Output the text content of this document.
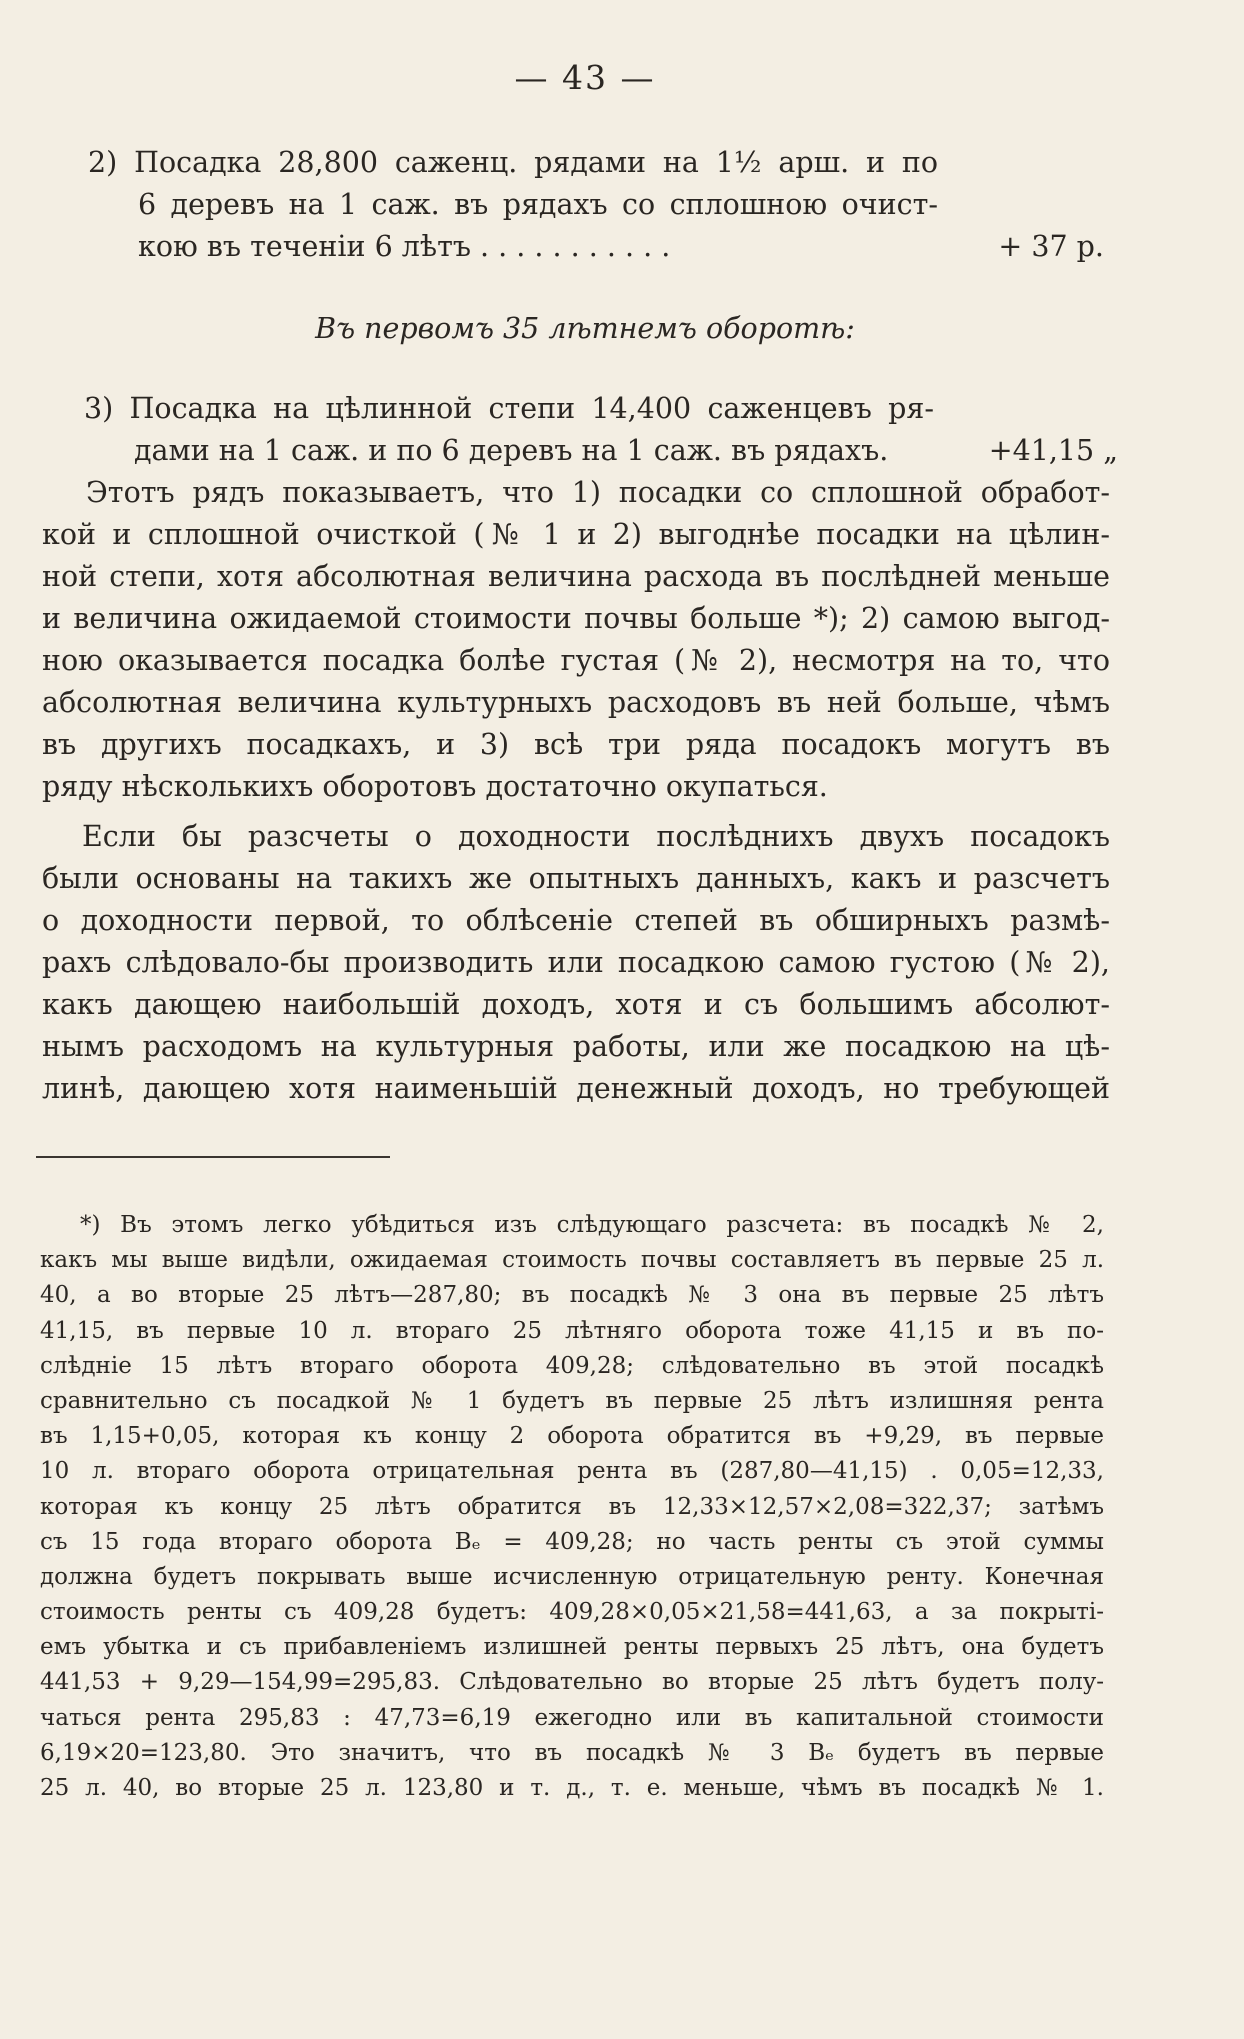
— 43 —
2) Посадка 28,800 саженц. рядами на 1½ арш. и по
6 деревъ на 1 саж. въ рядахъ со сплошною очист-
кою въ теченіи 6 лѣтъ . . . . . . . . . . .	+ 37 р.
Въ первомъ 35 лѣтнемъ оборотѣ:
3) Посадка на цѣлинной степи 14,400 саженцевъ ря-
дами на 1 саж. и по 6 деревъ на 1 саж. въ рядахъ.	+41,15 „
Этотъ рядъ показываетъ, что 1) посадки со сплошной обработ-
кой и сплошной очисткой (№ 1 и 2) выгоднѣе посадки на цѣлин-
ной степи, хотя абсолютная величина расхода въ послѣдней меньше
и величина ожидаемой стоимости почвы больше *); 2) самою выгод-
ною оказывается посадка болѣе густая (№ 2), несмотря на то, что
абсолютная величина культурныхъ расходовъ въ ней больше, чѣмъ
въ другихъ посадкахъ, и 3) всѣ три ряда посадокъ могутъ въ
ряду нѣсколькихъ оборотовъ достаточно окупаться.
Если бы разсчеты о доходности послѣднихъ двухъ посадокъ
были основаны на такихъ же опытныхъ данныхъ, какъ и разсчетъ
о доходности первой, то облѣсеніе степей въ обширныхъ размѣ-
рахъ слѣдовало-бы производить или посадкою самою густою (№ 2),
какъ дающею наибольшій доходъ, хотя и съ большимъ абсолют-
нымъ расходомъ на культурныя работы, или же посадкою на цѣ-
линѣ, дающею хотя наименьшій денежный доходъ, но требующей
*) Въ этомъ легко убѣдиться изъ слѣдующаго разсчета: въ посадкѣ № 2,
какъ мы выше видѣли, ожидаемая стоимость почвы составляетъ въ первые 25 л.
40, а во вторые 25 лѣтъ—287,80; въ посадкѣ № 3 она въ первые 25 лѣтъ
41,15, въ первые 10 л. втораго 25 лѣтняго оборота тоже 41,15 и въ по-
слѣдніе 15 лѣтъ втораго оборота 409,28; слѣдовательно въ этой посадкѣ
сравнительно съ посадкой № 1 будетъ въ первые 25 лѣтъ излишняя рента
въ 1,15+0,05, которая къ концу 2 оборота обратится въ +9,29, въ первые
10 л. втораго оборота отрицательная рента въ (287,80—41,15) . 0,05=12,33,
которая къ концу 25 лѣтъ обратится въ 12,33×12,57×2,08=322,37; затѣмъ
съ 15 года втораго оборота Bₑ = 409,28; но часть ренты съ этой суммы
должна будетъ покрывать выше исчисленную отрицательную ренту. Конечная
стоимость ренты съ 409,28 будетъ: 409,28×0,05×21,58=441,63, а за покрыті-
емъ убытка и съ прибавленіемъ излишней ренты первыхъ 25 лѣтъ, она будетъ
441,53 + 9,29—154,99=295,83. Слѣдовательно во вторые 25 лѣтъ будетъ полу-
чаться рента 295,83 : 47,73=6,19 ежегодно или въ капитальной стоимости
6,19×20=123,80. Это значитъ, что въ посадкѣ № 3 Bₑ будетъ въ первые
25 л. 40, во вторые 25 л. 123,80 и т. д., т. е. меньше, чѣмъ въ посадкѣ № 1.
